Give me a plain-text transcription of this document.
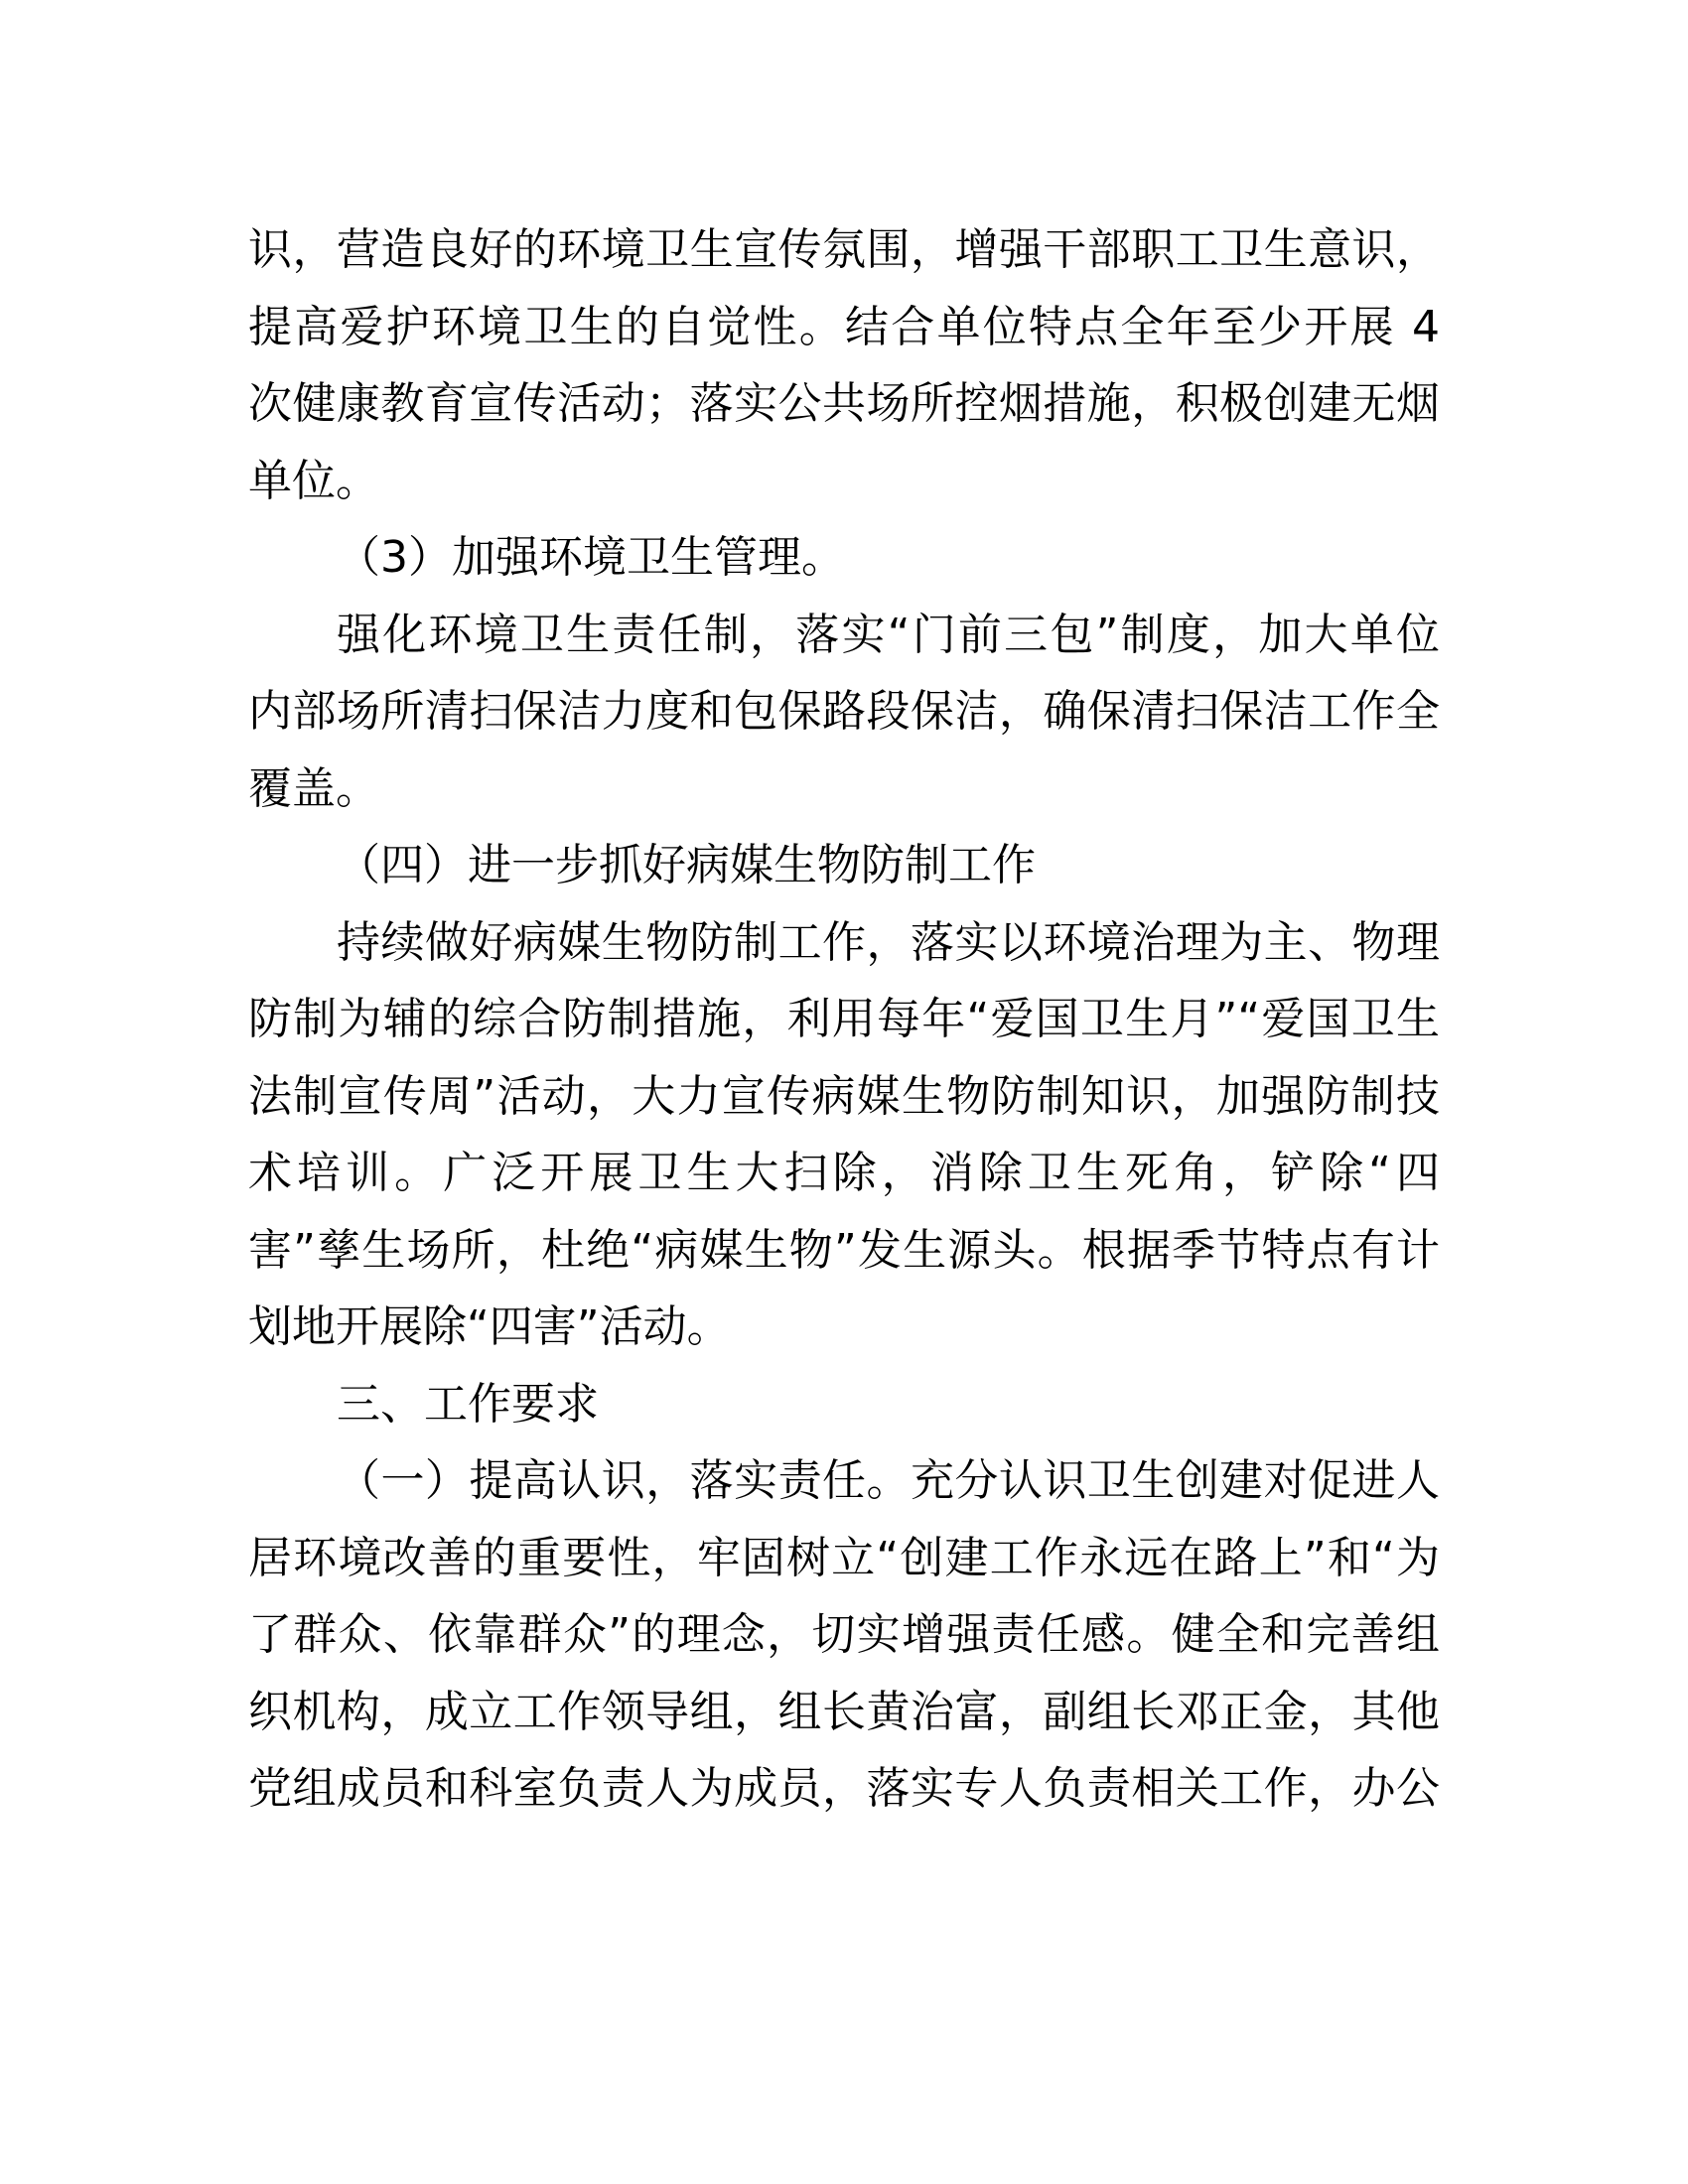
识，营造良好的环境卫生宣传氛围，增强干部职工卫生意识，
提高爱护环境卫生的自觉性。结合单位特点全年至少开展 4
次健康教育宣传活动；落实公共场所控烟措施，积极创建无烟
单位。
（3）加强环境卫生管理。
强化环境卫生责任制，落实“门前三包”制度，加大单位
内部场所清扫保洁力度和包保路段保洁，确保清扫保洁工作全
覆盖。
（四）进一步抓好病媒生物防制工作
持续做好病媒生物防制工作，落实以环境治理为主、物理
防制为辅的综合防制措施，利用每年“爱国卫生月”“爱国卫生
法制宣传周”活动，大力宣传病媒生物防制知识，加强防制技
术培训。广泛开展卫生大扫除，消除卫生死角，铲除“四
害”孳生场所，杜绝“病媒生物”发生源头。根据季节特点有计
划地开展除“四害”活动。
三、工作要求
（一）提高认识，落实责任。充分认识卫生创建对促进人
居环境改善的重要性，牢固树立“创建工作永远在路上”和“为
了群众、依靠群众”的理念，切实增强责任感。健全和完善组
织机构，成立工作领导组，组长黄治富，副组长邓正金，其他
党组成员和科室负责人为成员，落实专人负责相关工作，办公
